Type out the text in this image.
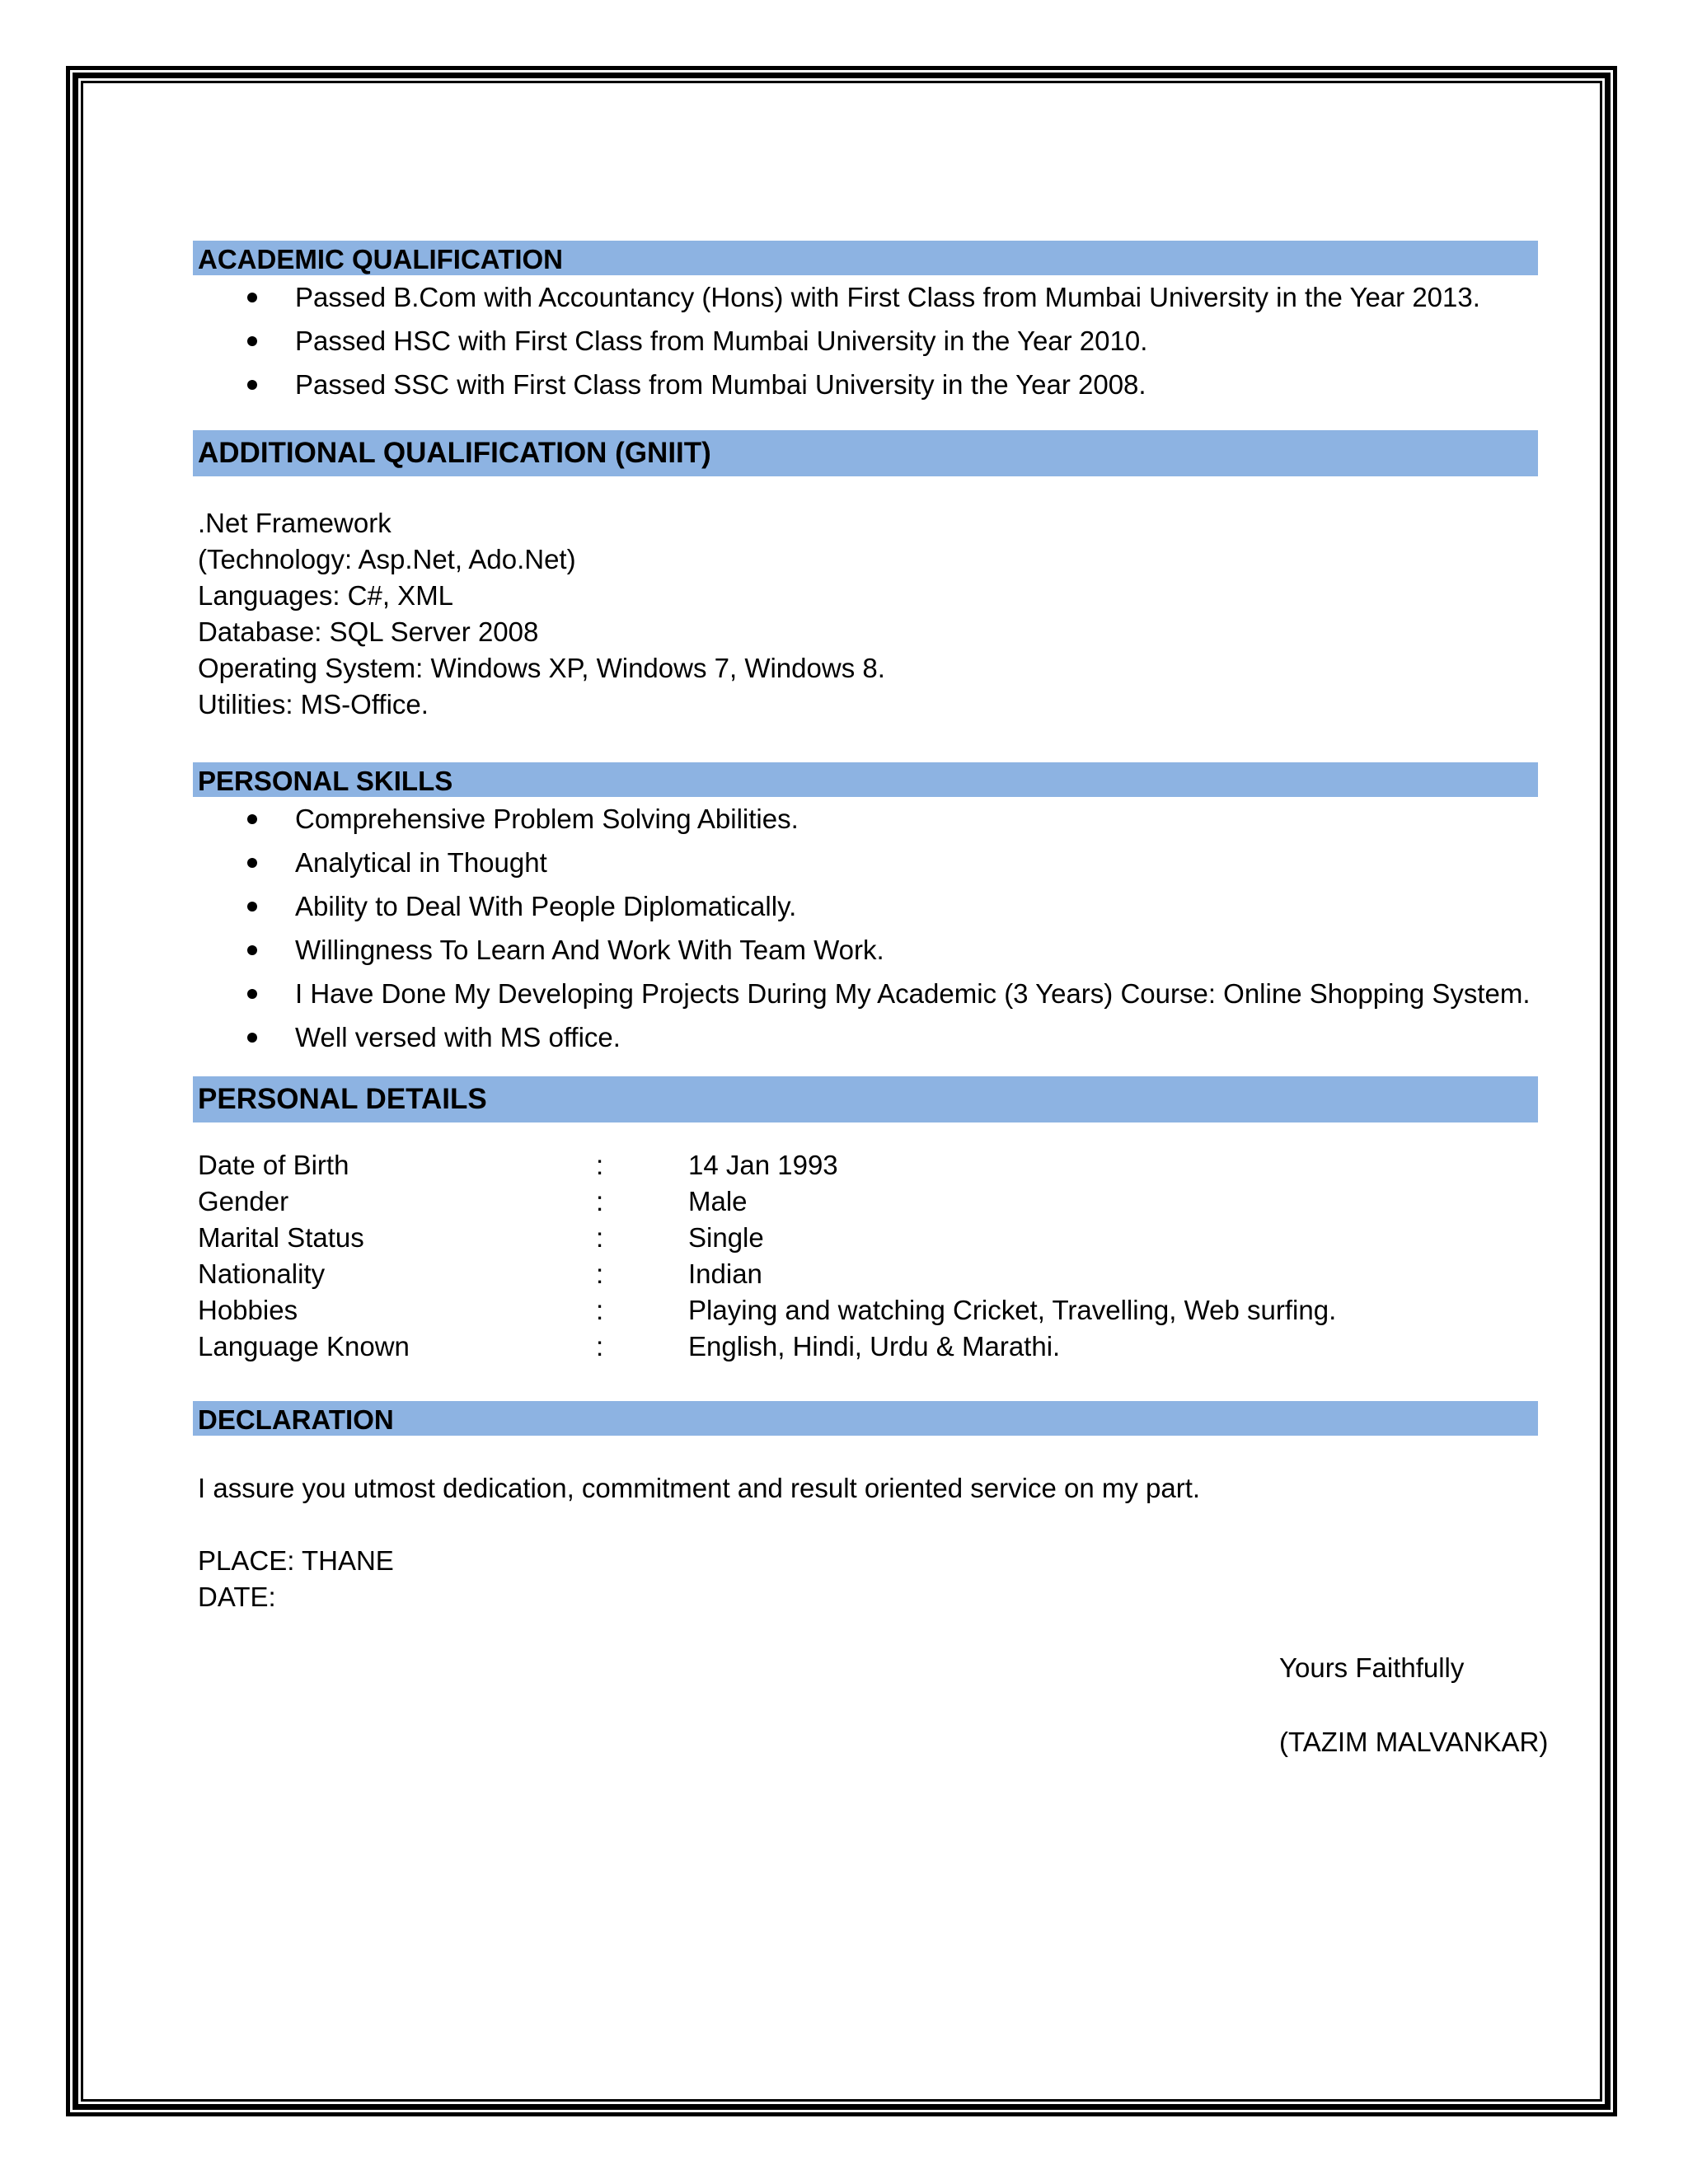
ACADEMIC QUALIFICATION
Passed B.Com with Accountancy (Hons) with First Class from Mumbai University in the Year 2013.
Passed HSC with First Class from Mumbai University in the Year 2010.
Passed SSC with First Class from Mumbai University in the Year 2008.
ADDITIONAL QUALIFICATION (GNIIT)
.Net Framework
(Technology: Asp.Net, Ado.Net)
Languages: C#, XML
Database: SQL Server 2008
Operating System: Windows XP, Windows 7, Windows 8.
Utilities: MS-Office.
PERSONAL SKILLS
Comprehensive Problem Solving Abilities.
Analytical in Thought
Ability to Deal With People Diplomatically.
Willingness To Learn And Work With Team Work.
I Have Done My Developing Projects During My Academic (3 Years) Course: Online Shopping System.
Well versed with MS office.
PERSONAL DETAILS
Date of Birth	:	14 Jan 1993
Gender	:	Male
Marital Status	:	Single
Nationality	:	Indian
Hobbies	:	Playing and watching Cricket, Travelling, Web surfing.
Language Known	:	English, Hindi, Urdu & Marathi.
DECLARATION
I assure you utmost dedication, commitment and result oriented service on my part.
PLACE: THANE
DATE:
Yours Faithfully
(TAZIM MALVANKAR)
